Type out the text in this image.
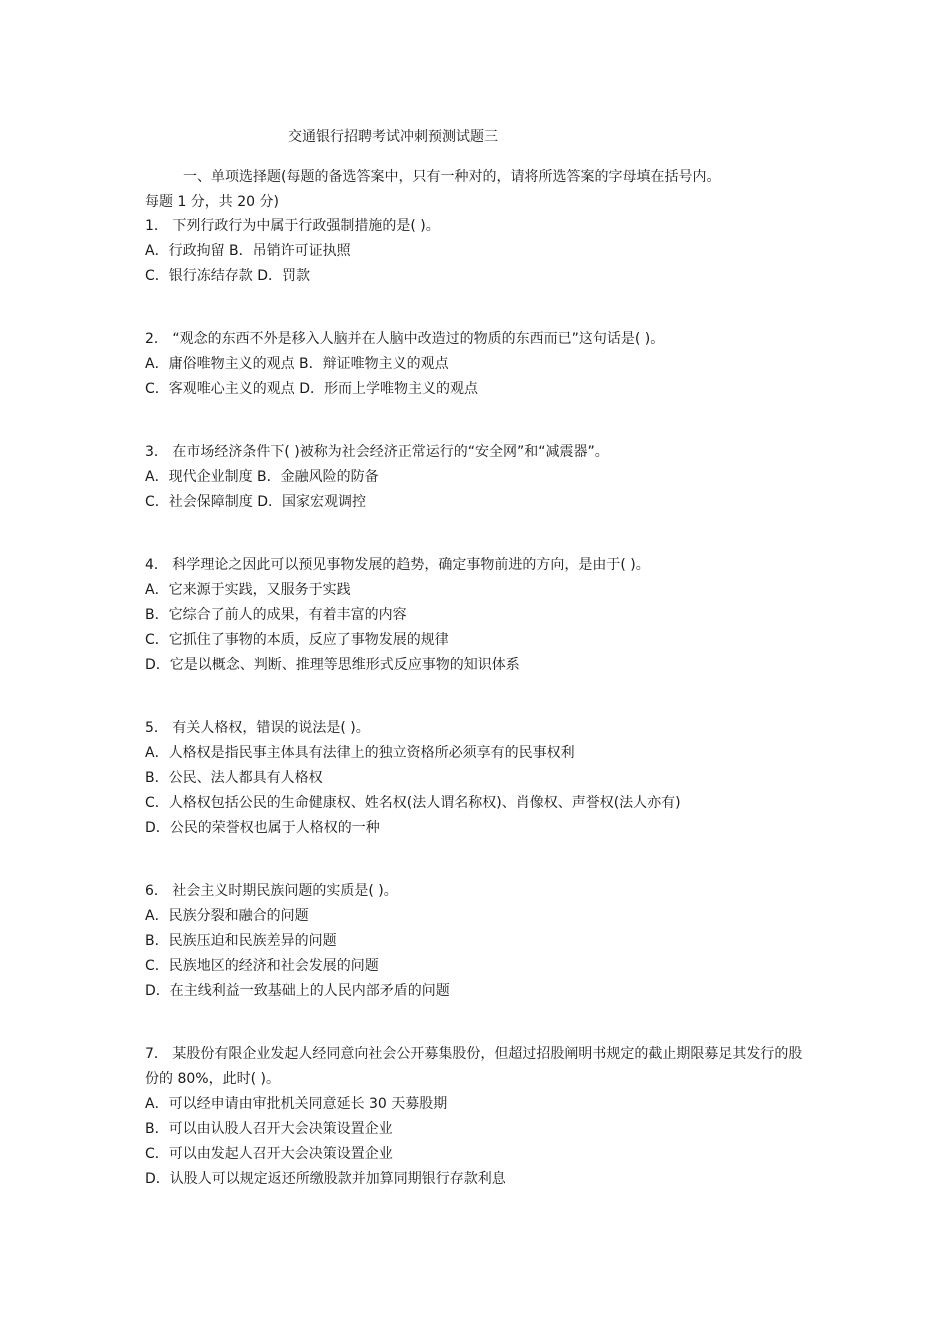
交通银行招聘考试冲刺预测试题三
一、单项选择题(每题的备选答案中，只有一种对的，请将所选答案的字母填在括号内。
每题 1 分，共 20 分)
1． 下列行政行为中属于行政强制措施的是( )。
A．行政拘留 B．吊销许可证执照
C．银行冻结存款 D．罚款
2． “观念的东西不外是移入人脑并在人脑中改造过的物质的东西而已”这句话是( )。
A．庸俗唯物主义的观点 B．辩证唯物主义的观点
C．客观唯心主义的观点 D．形而上学唯物主义的观点
3． 在市场经济条件下( )被称为社会经济正常运行的“安全网”和“减震器”。
A．现代企业制度 B．金融风险的防备
C．社会保障制度 D．国家宏观调控
4． 科学理论之因此可以预见事物发展的趋势，确定事物前进的方向，是由于( )。
A．它来源于实践，又服务于实践
B．它综合了前人的成果，有着丰富的内容
C．它抓住了事物的本质，反应了事物发展的规律
D．它是以概念、判断、推理等思维形式反应事物的知识体系
5． 有关人格权，错误的说法是( )。
A．人格权是指民事主体具有法律上的独立资格所必须享有的民事权利
B．公民、法人都具有人格权
C．人格权包括公民的生命健康权、姓名权(法人谓名称权)、肖像权、声誉权(法人亦有)
D．公民的荣誉权也属于人格权的一种
6． 社会主义时期民族问题的实质是( )。
A．民族分裂和融合的问题
B．民族压迫和民族差异的问题
C．民族地区的经济和社会发展的问题
D．在主线利益一致基础上的人民内部矛盾的问题
7． 某股份有限企业发起人经同意向社会公开募集股份，但超过招股阐明书规定的截止期限募足其发行的股份的 80%，此时( )。
A．可以经申请由审批机关同意延长 30 天募股期
B．可以由认股人召开大会决策设置企业
C．可以由发起人召开大会决策设置企业
D．认股人可以规定返还所缴股款并加算同期银行存款利息
